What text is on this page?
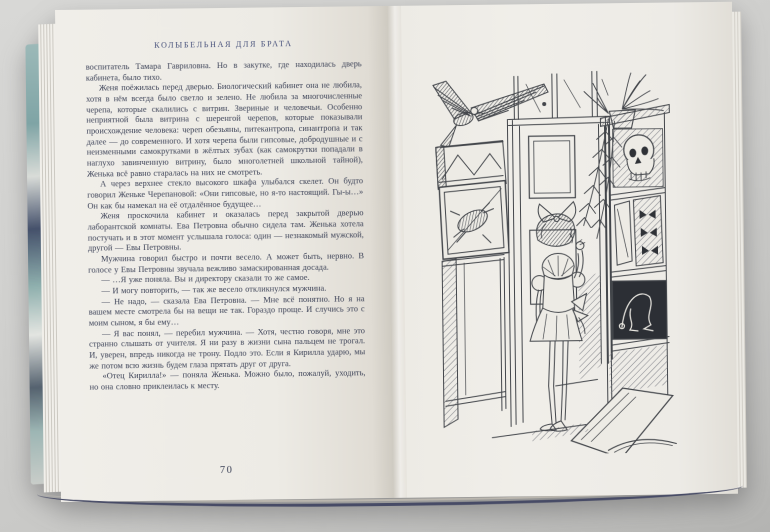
КОЛЫБЕЛЬНАЯ ДЛЯ БРАТА

воспитатель Тамара Гавриловна. Но в закутке, где находилась дверь кабинета, было тихо.

Женя поёжилась перед дверью. Биологический кабинет она не любила, хотя в нём всегда было светло и зелено. Не любила за многочисленные черепа, которые скалились с витрин. Звериные и человечьи. Особенно неприятной была витрина с шеренгой черепов, которые показывали происхождение человека: череп обезьяны, питекантропа, синантропа и так далее — до современного. И хотя черепа были гипсовые, добродушные и с неизменными самокрутками в жёлтых зубах (как самокрутки попадали в наглухо завинченную витрину, было многолетней школьной тайной), Женька всё равно старалась на них не смотреть.

А через верхнее стекло высокого шкафа улыбался скелет. Он будто говорил Женьке Черепановой: «Они гипсовые, но я-то настоящий. Гы-ы…» Он как бы намекал на её отдалённое будущее…

Женя проскочила кабинет и оказалась перед закрытой дверью лаборантской комнаты. Ева Петровна обычно сидела там. Женька хотела постучать и в этот момент услышала голоса: один — незнакомый мужской, другой — Евы Петровны.

Мужчина говорил быстро и почти весело. А может быть, нервно. В голосе у Евы Петровны звучала вежливо замаскированная досада.

— …Я уже поняла. Вы и директору сказали то же самое.

— И могу повторить, — так же весело откликнулся мужчина.

— Не надо, — сказала Ева Петровна. — Мне всё понятно. Но я на вашем месте смотрела бы на вещи не так. Гораздо проще. И случись это с моим сыном, я бы ему…

— Я вас понял, — перебил мужчина. — Хотя, честно говоря, мне это странно слышать от учителя. Я ни разу в жизни сына пальцем не трогал. И, уверен, впредь никогда не трону. Подло это. Если я Кирилла ударю, мы же потом всю жизнь будем глаза прятать друг от друга.

«Отец Кирилла!» — поняла Женька. Можно было, пожалуй, уходить, но она словно приклеилась к месту.

70
